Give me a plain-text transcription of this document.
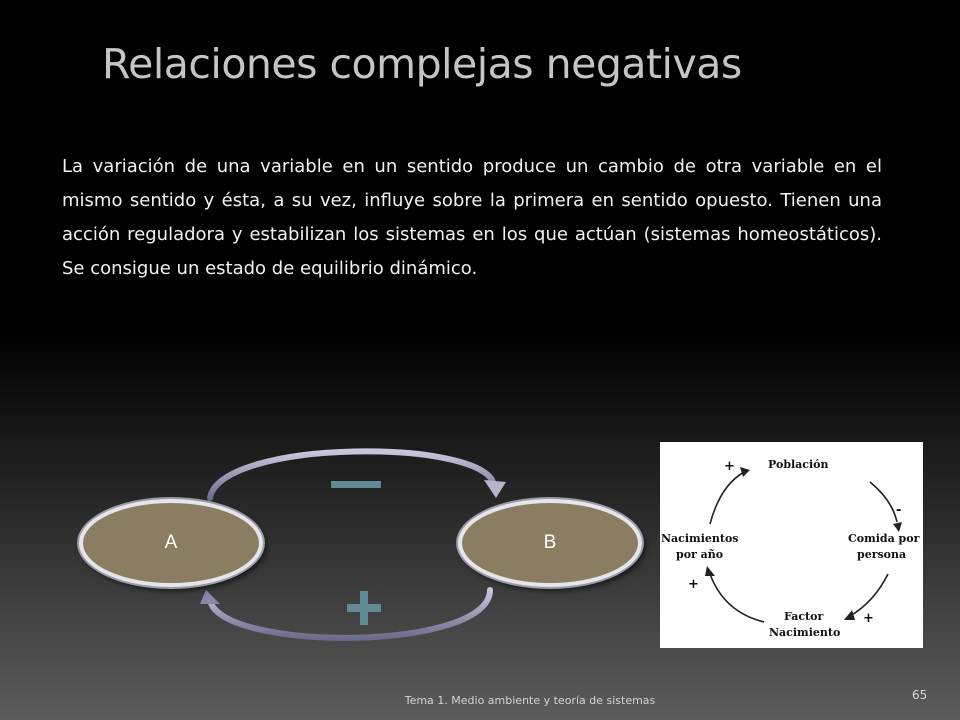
Relaciones complejas negativas

La variación de una variable en un sentido produce un cambio de otra variable en el mismo sentido y ésta, a su vez, influye sobre la primera en sentido opuesto. Tienen una acción reguladora y estabilizan los sistemas en los que actúan (sistemas homeostáticos). Se consigue un estado de equilibrio dinámico.

A	B
Población
Comida por
persona
Factor
Nacimiento
Nacimientos
por año
+
-
+
+
Tema 1. Medio ambiente y teoría de sistemas	65
